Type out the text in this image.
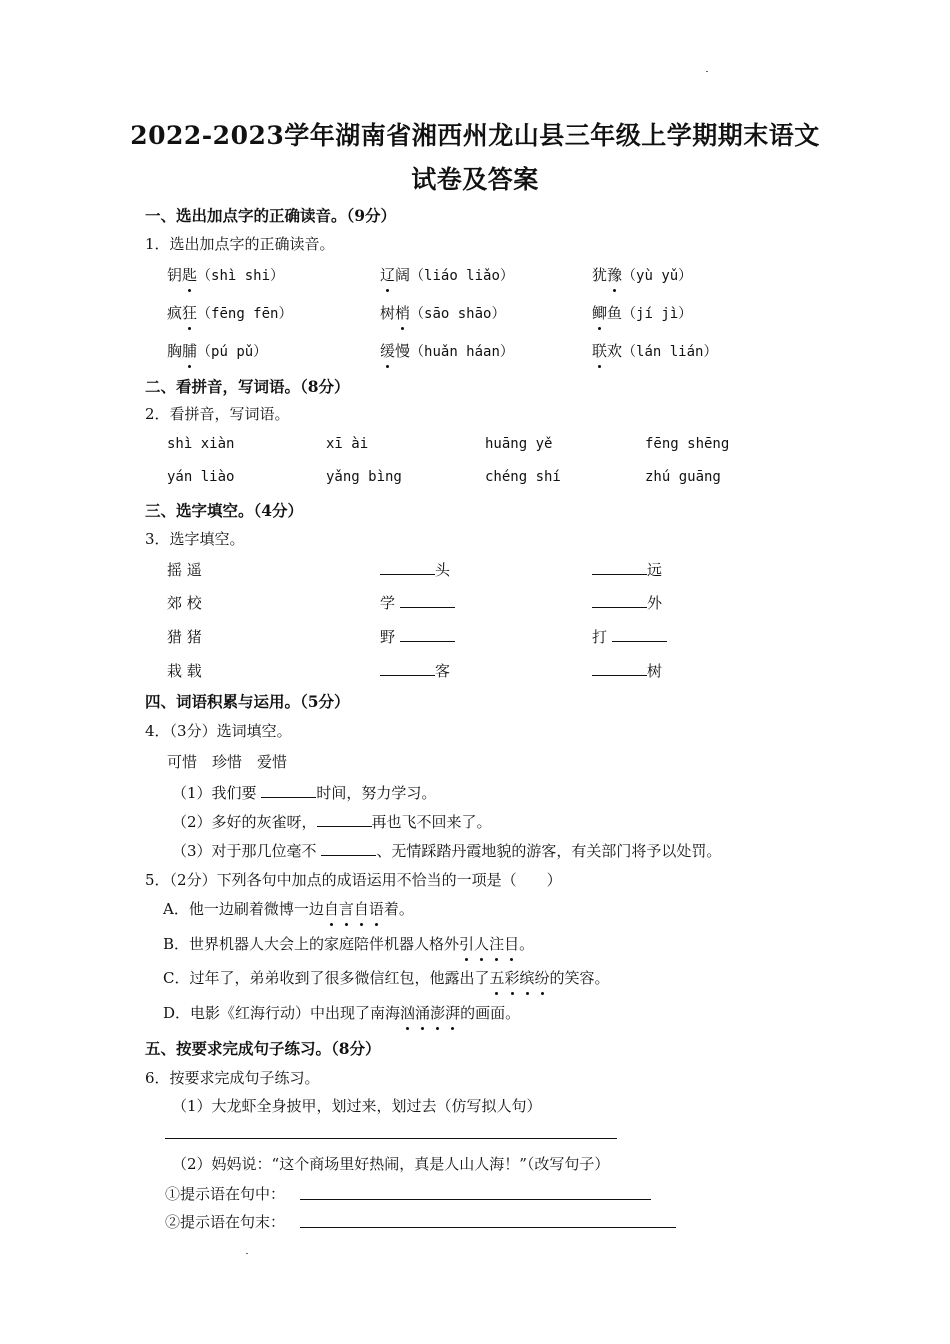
2022-2023学年湖南省湘西州龙山县三年级上学期期末语文
试卷及答案
一、选出加点字的正确读音。（9分）
1．选出加点字的正确读音。
钥匙（shì shi）	辽阔（liáo liǎo）	犹豫（yù yǔ）
疯狂（fēng fēn）	树梢（sāo shāo）	鲫鱼（jí jì）
胸脯（pú pǔ）	缓慢（huǎn háan）	联欢（lán lián）
二、看拼音，写词语。（8分）
2．看拼音，写词语。
shì xiàn	xī ài	huāng yě	fēng shēng
yán liào	yǎng bìng	chéng shí	zhú guāng
三、选字填空。（4分）
3．选字填空。
摇 遥	头	远
郊 校	学	外
猎 猪	野	打
栽 载	客	树
四、词语积累与运用。（5分）
4．（3分）选词填空。
可惜　珍惜　爱惜
（1）我们要	时间，努力学习。
（2）多好的灰雀呀，	再也飞不回来了。
（3）对于那几位毫不	、无情踩踏丹霞地貌的游客，有关部门将予以处罚。
5．（2分）下列各句中加点的成语运用不恰当的一项是（　　）
A．他一边刷着微博一边自言自语着。
B．世界机器人大会上的家庭陪伴机器人格外引人注目。
C．过年了，弟弟收到了很多微信红包，他露出了五彩缤纷的笑容。
D．电影《红海行动）中出现了南海汹涌澎湃的画面。
五、按要求完成句子练习。（8分）
6．按要求完成句子练习。
（1）大龙虾全身披甲，划过来，划过去（仿写拟人句）
（2）妈妈说：“这个商场里好热闹，真是人山人海！”（改写句子）
①提示语在句中：
②提示语在句末：
